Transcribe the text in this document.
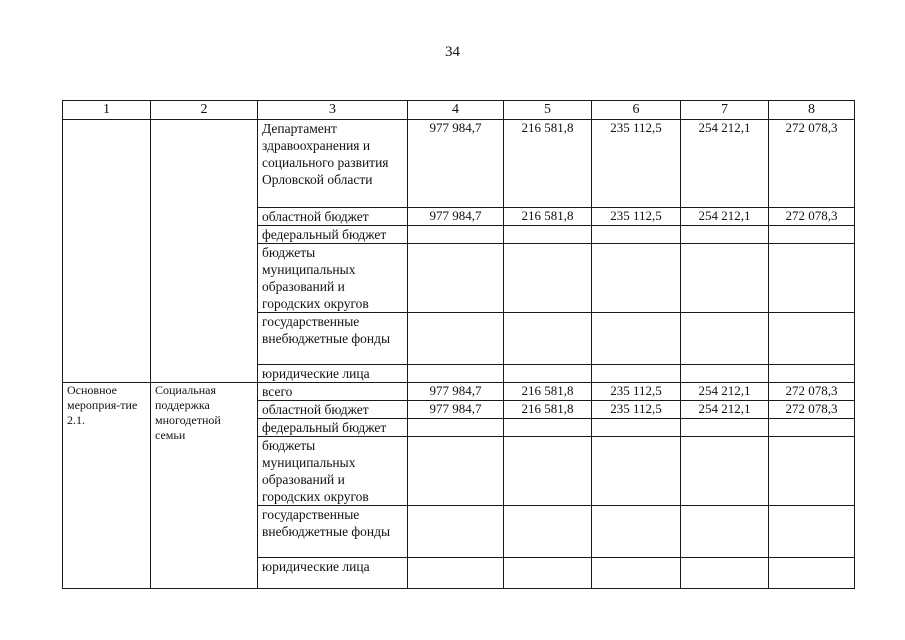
34
1	2	3	4	5	6	7	8
		Департамент здравоохранения и социального развития Орловской области	977 984,7	216 581,8	235 112,5	254 212,1	272 078,3
		областной бюджет	977 984,7	216 581,8	235 112,5	254 212,1	272 078,3
		федеральный бюджет					
		бюджеты муниципальных образований и городских округов					
		государственные внебюджетные фонды					
		юридические лица					
Основное мероприя-тие 2.1.	Социальная поддержка многодетной семьи	всего	977 984,7	216 581,8	235 112,5	254 212,1	272 078,3
		областной бюджет	977 984,7	216 581,8	235 112,5	254 212,1	272 078,3
		федеральный бюджет					
		бюджеты муниципальных образований и городских округов					
		государственные внебюджетные фонды					
		юридические лица					
